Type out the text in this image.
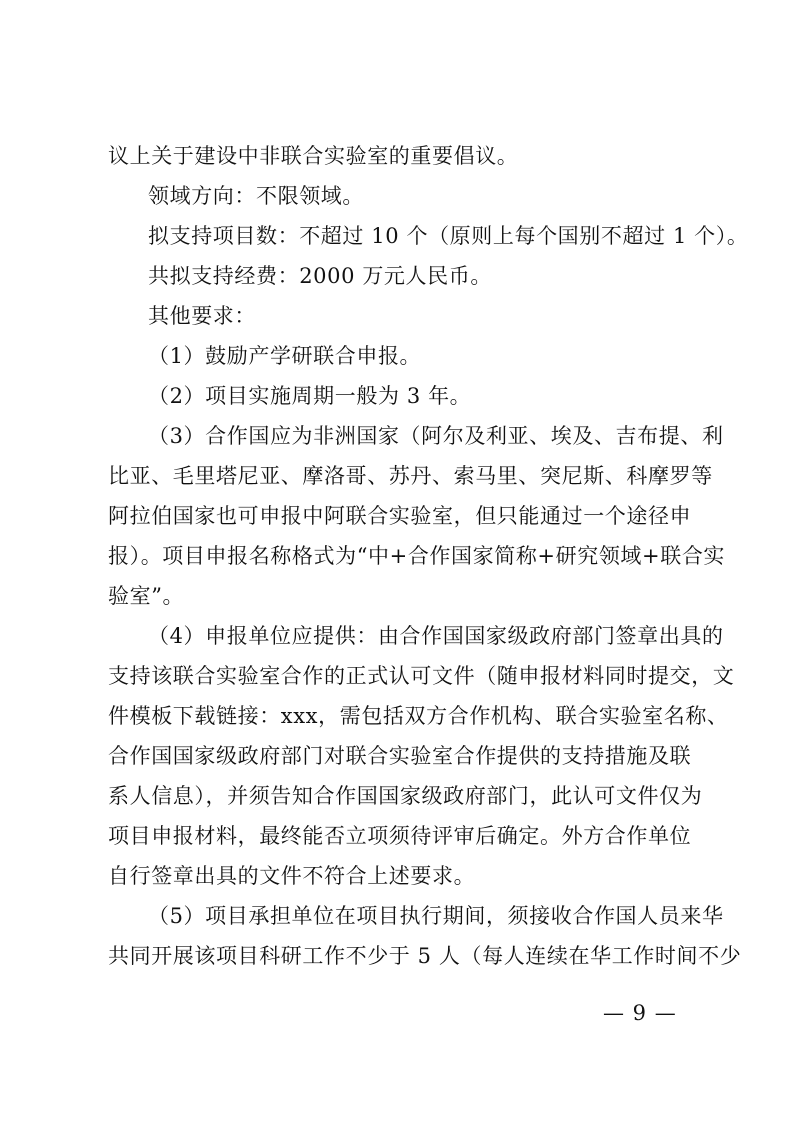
议上关于建设中非联合实验室的重要倡议。
领域方向：不限领域。
拟支持项目数：不超过 10 个（原则上每个国别不超过 1 个）。
共拟支持经费：2000 万元人民币。
其他要求：
（1）鼓励产学研联合申报。
（2）项目实施周期一般为 3 年。
（3）合作国应为非洲国家（阿尔及利亚、埃及、吉布提、利
比亚、毛里塔尼亚、摩洛哥、苏丹、索马里、突尼斯、科摩罗等
阿拉伯国家也可申报中阿联合实验室，但只能通过一个途径申
报）。项目申报名称格式为“中+合作国家简称+研究领域+联合实
验室”。
（4）申报单位应提供：由合作国国家级政府部门签章出具的
支持该联合实验室合作的正式认可文件（随申报材料同时提交，文
件模板下载链接：xxx，需包括双方合作机构、联合实验室名称、
合作国国家级政府部门对联合实验室合作提供的支持措施及联
系人信息），并须告知合作国国家级政府部门，此认可文件仅为
项目申报材料，最终能否立项须待评审后确定。外方合作单位
自行签章出具的文件不符合上述要求。
（5）项目承担单位在项目执行期间，须接收合作国人员来华
共同开展该项目科研工作不少于 5 人（每人连续在华工作时间不少
— 9 —
